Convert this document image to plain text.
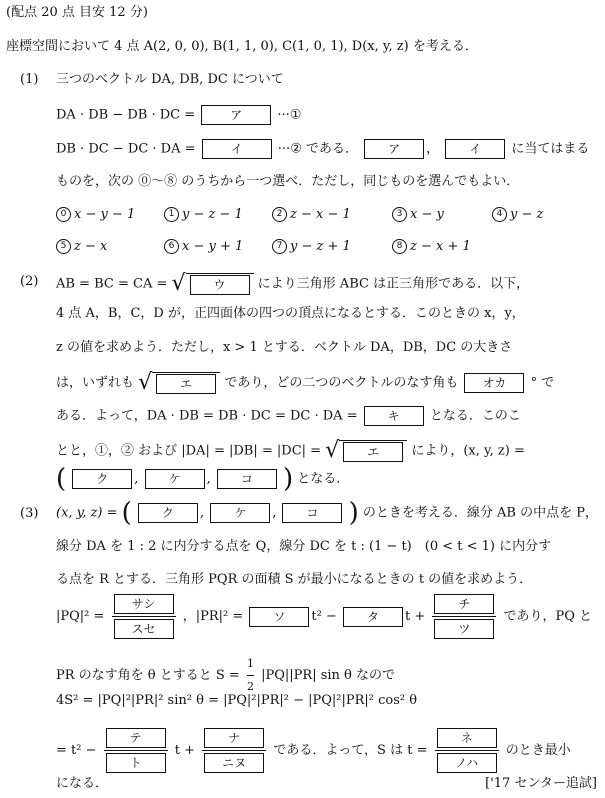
(配点 20 点 目安 12 分)
座標空間において 4 点 A(2, 0, 0), B(1, 1, 0), C(1, 0, 1), D(x, y, z) を考える．
(1) 三つのベクトル DA, DB, DC について
DA · DB − DB · DC =	ア	···①
DB · DC − DC · DA =	イ	···② である．	ア ，	イ に当てはまる
ものを，次の ⓪～⑧ のうちから一つ選べ．ただし，同じものを選んでもよい．
0 x − y − 1	1 y − z − 1	2 z − x − 1	3 x − y	4 y − z
5 z − x	6 x − y + 1	7 y − z + 1	8 z − x + 1
(2) AB = BC = CA = √	ウ	により三角形 ABC は正三角形である．以下，
4 点 A，B，C，D が，正四面体の四つの頂点になるとする．このときの x，y，
z の値を求めよう．ただし，x > 1 とする．ベクトル DA，DB，DC の大きさ
は，いずれも √	エ	であり，どの二つのベクトルのなす角も オカ ° で
ある．よって，DA · DB = DB · DC = DC · DA =	キ となる．このこ
とと，①，② および |DA| = |DB| = |DC| = √	エ	により，(x, y, z) =
(	ク , ケ , コ ) となる．
(3) (x, y, z) = (	ク , ケ , コ ) のときを考える．線分 AB の中点を P，
線分 DA を 1 : 2 に内分する点を Q，線分 DC を t : (1 − t)　(0 < t < 1) に内分す
る点を R とする．三角形 PQR の面積 S が最小になるときの t の値を求めよう．
$|PQ|^2 = \frac{\text{サシ}}{\text{スセ}}$ ，|PR|² =	ソ t² −	タ $t + \frac{\text{チ}}{\text{ツ}}$ であり，PQ と
PR のなす角を θ とすると $S = \frac{1}{2} |PQ||PR|$ sin θ なので
4S² = |PQ|²|PR|² sin² θ = |PQ|²|PR|² − |PQ|²|PR|² cos² θ
= $t^2 - \frac{\text{テ}}{\text{ト}}$ $t + \frac{\text{ナ}}{\text{ニヌ}}$ である．よって，S は $t = \frac{\text{ネ}}{\text{ノハ}}$ のとき最小
になる．	['17 センター追試]
